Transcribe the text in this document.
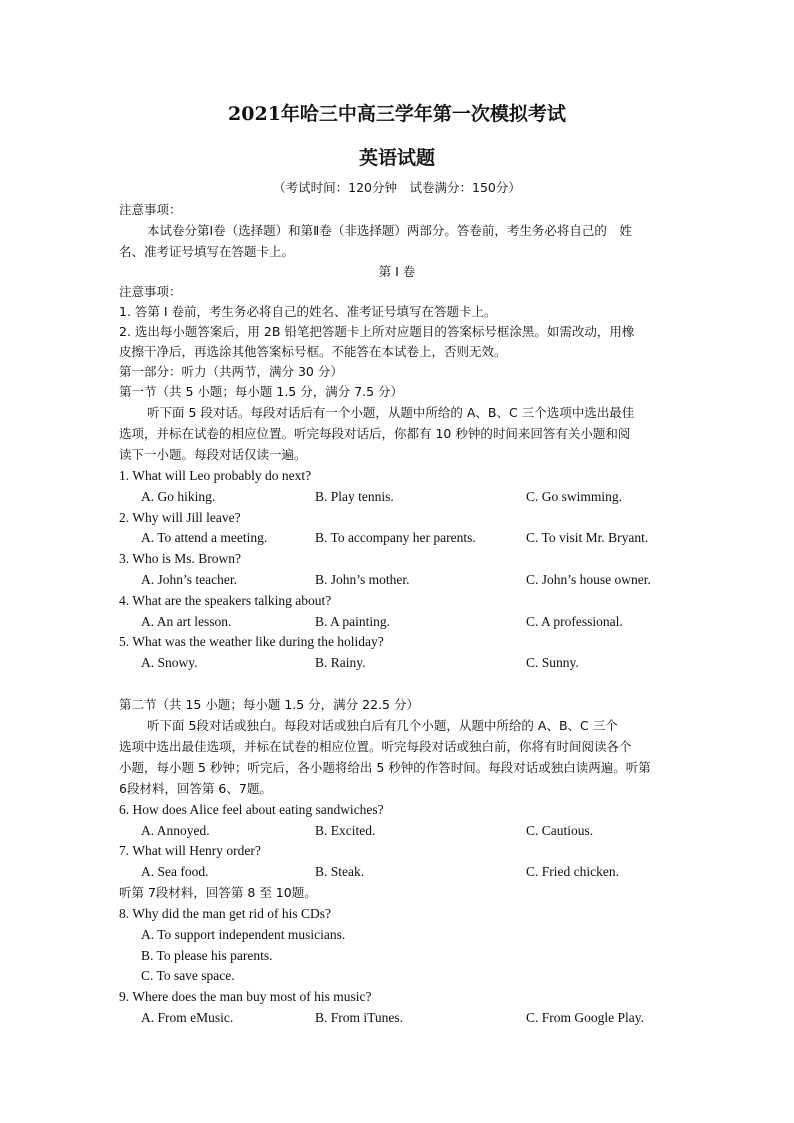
2021年哈三中高三学年第一次模拟考试
英语试题
（考试时间：120分钟　试卷满分：150分）
注意事项：
本试卷分第Ⅰ卷（选择题）和第Ⅱ卷（非选择题）两部分。答卷前，考生务必将自己的　姓
名、准考证号填写在答题卡上。
第 Ⅰ 卷
注意事项：
1. 答第 I 卷前，考生务必将自己的姓名、准考证号填写在答题卡上。
2. 选出每小题答案后，用 2B 铅笔把答题卡上所对应题目的答案标号框涂黑。如需改动，用橡
皮擦干净后，再选涂其他答案标号框。不能答在本试卷上，否则无效。
第一部分：听力（共两节，满分 30 分）
第一节（共 5 小题；每小题 1.5 分，满分 7.5 分）
听下面 5 段对话。每段对话后有一个小题，从题中所给的 A、B、C 三个选项中选出最佳
选项，并标在试卷的相应位置。听完每段对话后，你都有 10 秒钟的时间来回答有关小题和阅
读下一小题。每段对话仅读一遍。
1. What will Leo probably do next?
A. Go hiking.	B. Play tennis.	C. Go swimming.
2. Why will Jill leave?
A. To attend a meeting.	B. To accompany her parents.	C. To visit Mr. Bryant.
3. Who is Ms. Brown?
A. John’s teacher.	B. John’s mother.	C. John’s house owner.
4. What are the speakers talking about?
A. An art lesson.	B. A painting.	C. A professional.
5. What was the weather like during the holiday?
A. Snowy.	B. Rainy.	C. Sunny.
第二节（共 15 小题；每小题 1.5 分，满分 22.5 分）
听下面 5段对话或独白。每段对话或独白后有几个小题，从题中所给的 A、B、C 三个
选项中选出最佳选项，并标在试卷的相应位置。听完每段对话或独白前，你将有时间阅读各个
小题，每小题 5 秒钟；听完后，各小题将给出 5 秒钟的作答时间。每段对话或独白读两遍。听第
6段材料，回答第 6、7题。
6. How does Alice feel about eating sandwiches?
A. Annoyed.	B. Excited.	C. Cautious.
7. What will Henry order?
A. Sea food.	B. Steak.	C. Fried chicken.
听第 7段材料，回答第 8 至 10题。
8. Why did the man get rid of his CDs?
A. To support independent musicians.
B. To please his parents.
C. To save space.
9. Where does the man buy most of his music?
A. From eMusic.	B. From iTunes.	C. From Google Play.
